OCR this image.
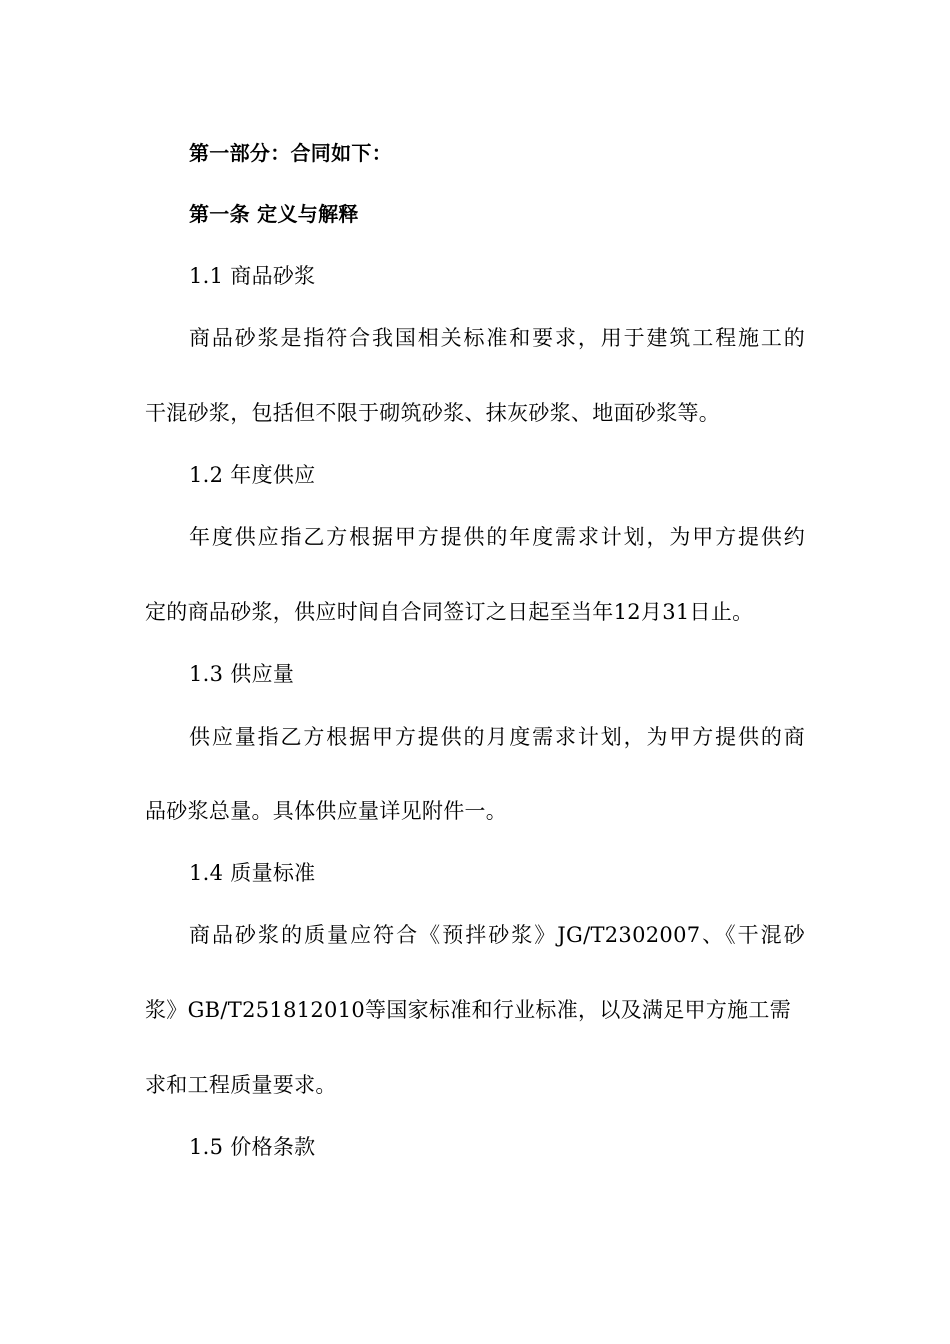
第一部分：合同如下：
第一条 定义与解释
1.1 商品砂浆
商品砂浆是指符合我国相关标准和要求，用于建筑工程施工的
干混砂浆，包括但不限于砌筑砂浆、抹灰砂浆、地面砂浆等。
1.2 年度供应
年度供应指乙方根据甲方提供的年度需求计划，为甲方提供约
定的商品砂浆，供应时间自合同签订之日起至当年12月31日止。
1.3 供应量
供应量指乙方根据甲方提供的月度需求计划，为甲方提供的商
品砂浆总量。具体供应量详见附件一。
1.4 质量标准
商品砂浆的质量应符合《预拌砂浆》JG/T2302007、《干混砂
浆》GB/T251812010等国家标准和行业标准，以及满足甲方施工需
求和工程质量要求。
1.5 价格条款
